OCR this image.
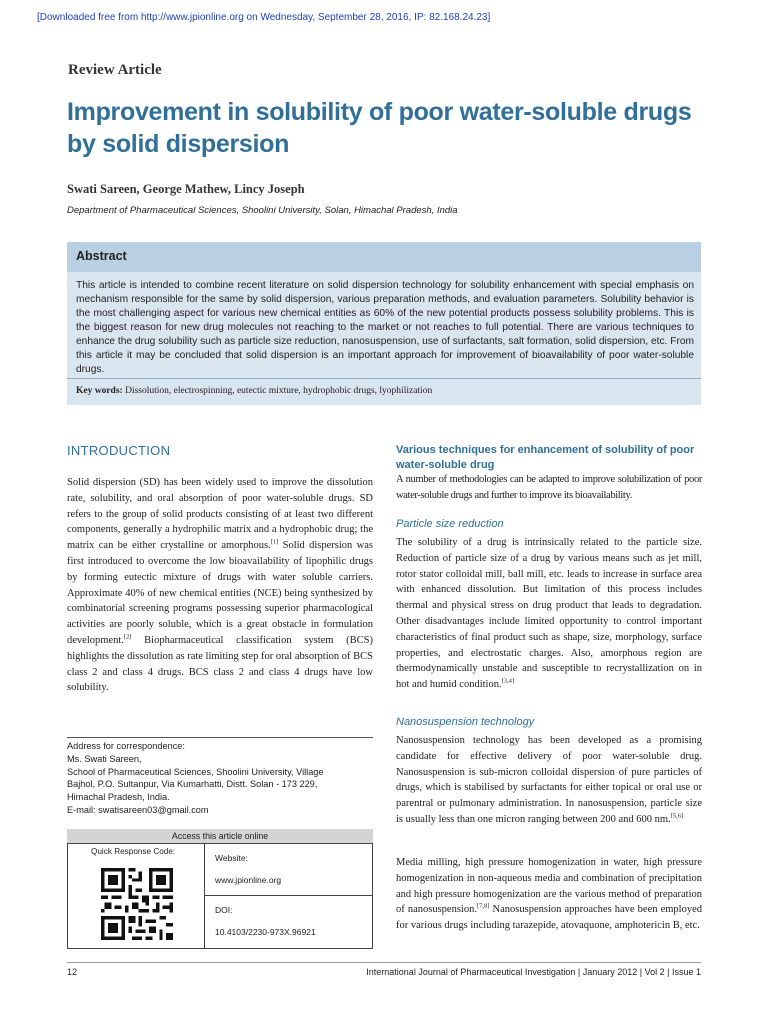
[Downloaded free from http://www.jpionline.org on Wednesday, September 28, 2016, IP: 82.168.24.23]
Review Article
Improvement in solubility of poor water-soluble drugs by solid dispersion
Swati Sareen, George Mathew, Lincy Joseph
Department of Pharmaceutical Sciences, Shoolini University, Solan, Himachal Pradesh, India
Abstract
This article is intended to combine recent literature on solid dispersion technology for solubility enhancement with special emphasis on mechanism responsible for the same by solid dispersion, various preparation methods, and evaluation parameters. Solubility behavior is the most challenging aspect for various new chemical entities as 60% of the new potential products possess solubility problems. This is the biggest reason for new drug molecules not reaching to the market or not reaches to full potential. There are various techniques to enhance the drug solubility such as particle size reduction, nanosuspension, use of surfactants, salt formation, solid dispersion, etc. From this article it may be concluded that solid dispersion is an important approach for improvement of bioavailability of poor water-soluble drugs.
Key words: Dissolution, electrospinning, eutectic mixture, hydrophobic drugs, lyophilization
INTRODUCTION
Solid dispersion (SD) has been widely used to improve the dissolution rate, solubility, and oral absorption of poor water-soluble drugs. SD refers to the group of solid products consisting of at least two different components, generally a hydrophilic matrix and a hydrophobic drug; the matrix can be either crystalline or amorphous.[1] Solid dispersion was first introduced to overcome the low bioavailability of lipophilic drugs by forming eutectic mixture of drugs with water soluble carriers. Approximate 40% of new chemical entities (NCE) being synthesized by combinatorial screening programs possessing superior pharmacological activities are poorly soluble, which is a great obstacle in formulation development.[2] Biopharmaceutical classification system (BCS) highlights the dissolution as rate limiting step for oral absorption of BCS class 2 and class 4 drugs. BCS class 2 and class 4 drugs have low solubility.
Address for correspondence:
Ms. Swati Sareen,
School of Pharmaceutical Sciences, Shoolini University, Village
Bajhol, P.O. Sultanpur, Via Kumarhatti, Distt. Solan - 173 229,
Himachal Pradesh, India.
E-mail: swatisareen03@gmail.com
Access this article online
Quick Response Code:
Website:
www.jpionline.org
DOI:
10.4103/2230-973X.96921
Various techniques for enhancement of solubility of poor water-soluble drug
A number of methodologies can be adapted to improve solubilization of poor water-soluble drugs and further to improve its bioavailability.
Particle size reduction
The solubility of a drug is intrinsically related to the particle size. Reduction of particle size of a drug by various means such as jet mill, rotor stator colloidal mill, ball mill, etc. leads to increase in surface area with enhanced dissolution. But limitation of this process includes thermal and physical stress on drug product that leads to degradation. Other disadvantages include limited opportunity to control important characteristics of final product such as shape, size, morphology, surface properties, and electrostatic charges. Also, amorphous region are thermodynamically unstable and susceptible to recrystallization on in hot and humid condition.[3,4]
Nanosuspension technology
Nanosuspension technology has been developed as a promising candidate for effective delivery of poor water-soluble drug. Nanosuspension is sub-micron colloidal dispersion of pure particles of drugs, which is stabilised by surfactants for either topical or oral use or parentral or pulmonary administration. In nanosuspension, particle size is usually less than one micron ranging between 200 and 600 nm.[5,6]
Media milling, high pressure homogenization in water, high pressure homogenization in non-aqueous media and combination of precipitation and high pressure homogenization are the various method of preparation of nanosuspension.[7,8] Nanosuspension approaches have been employed for various drugs including tarazepide, atovaquone, amphotericin B, etc.
12	International Journal of Pharmaceutical Investigation | January 2012 | Vol 2 | Issue 1
